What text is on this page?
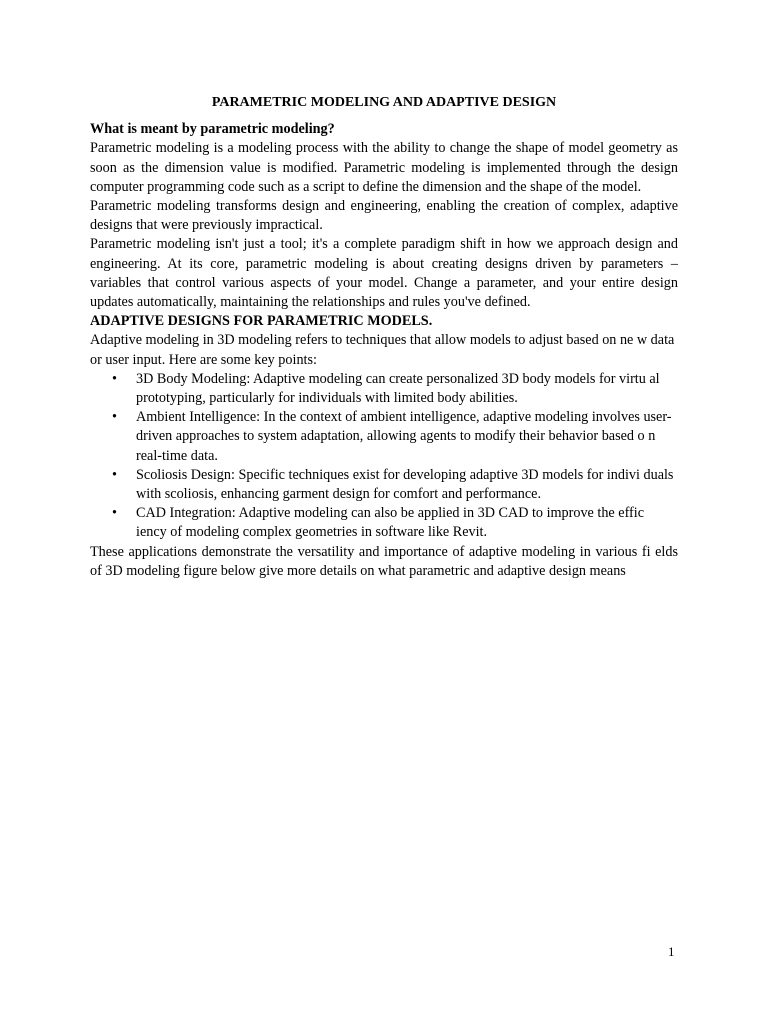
PARAMETRIC MODELING AND ADAPTIVE DESIGN

What is meant by parametric modeling?

Parametric modeling is a modeling process with the ability to change the shape of model geometry as soon as the dimension value is modified. Parametric modeling is implemented through the design computer programming code such as a script to define the dimension and the shape of the model.

Parametric modeling transforms design and engineering, enabling the creation of complex, adaptive designs that were previously impractical.

Parametric modeling isn't just a tool; it's a complete paradigm shift in how we approach design and engineering. At its core, parametric modeling is about creating designs driven by parameters – variables that control various aspects of your model. Change a parameter, and your entire design updates automatically, maintaining the relationships and rules you've defined.

ADAPTIVE DESIGNS FOR PARAMETRIC MODELS.

Adaptive modeling in 3D modeling refers to techniques that allow models to adjust based on ne w data or user input. Here are some key points:

• 3D Body Modeling: Adaptive modeling can create personalized 3D body models for virtu al prototyping, particularly for individuals with limited body abilities.
• Ambient Intelligence: In the context of ambient intelligence, adaptive modeling involves user- driven approaches to system adaptation, allowing agents to modify their behavior based o n real-time data.
• Scoliosis Design: Specific techniques exist for developing adaptive 3D models for indivi duals with scoliosis, enhancing garment design for comfort and performance.
• CAD Integration: Adaptive modeling can also be applied in 3D CAD to improve the effic iency of modeling complex geometries in software like Revit.

These applications demonstrate the versatility and importance of adaptive modeling in various fi elds of 3D modeling figure below give more details on what parametric and adaptive design means

1
